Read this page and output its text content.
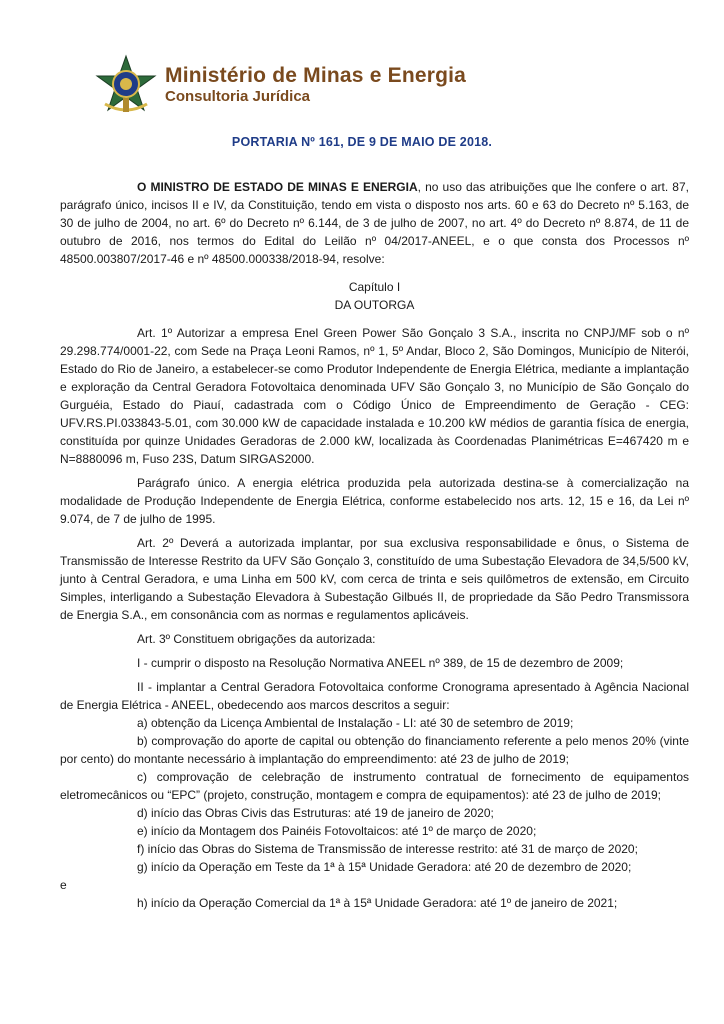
Ministério de Minas e Energia
Consultoria Jurídica
PORTARIA Nº 161, DE 9 DE MAIO DE 2018.

O MINISTRO DE ESTADO DE MINAS E ENERGIA, no uso das atribuições que lhe confere o art. 87, parágrafo único, incisos II e IV, da Constituição, tendo em vista o disposto nos arts. 60 e 63 do Decreto nº 5.163, de 30 de julho de 2004, no art. 6º do Decreto nº 6.144, de 3 de julho de 2007, no art. 4º do Decreto nº 8.874, de 11 de outubro de 2016, nos termos do Edital do Leilão nº 04/2017-ANEEL, e o que consta dos Processos nº 48500.003807/2017-46 e nº 48500.000338/2018-94, resolve:

Capítulo I

DA OUTORGA

Art. 1º Autorizar a empresa Enel Green Power São Gonçalo 3 S.A., inscrita no CNPJ/MF sob o nº 29.298.774/0001-22, com Sede na Praça Leoni Ramos, nº 1, 5º Andar, Bloco 2, São Domingos, Município de Niterói, Estado do Rio de Janeiro, a estabelecer-se como Produtor Independente de Energia Elétrica, mediante a implantação e exploração da Central Geradora Fotovoltaica denominada UFV São Gonçalo 3, no Município de São Gonçalo do Gurguéia, Estado do Piauí, cadastrada com o Código Único de Empreendimento de Geração - CEG: UFV.RS.PI.033843-5.01, com 30.000 kW de capacidade instalada e 10.200 kW médios de garantia física de energia, constituída por quinze Unidades Geradoras de 2.000 kW, localizada às Coordenadas Planimétricas E=467420 m e N=8880096 m, Fuso 23S, Datum SIRGAS2000.

Parágrafo único. A energia elétrica produzida pela autorizada destina-se à comercialização na modalidade de Produção Independente de Energia Elétrica, conforme estabelecido nos arts. 12, 15 e 16, da Lei nº 9.074, de 7 de julho de 1995.

Art. 2º Deverá a autorizada implantar, por sua exclusiva responsabilidade e ônus, o Sistema de Transmissão de Interesse Restrito da UFV São Gonçalo 3, constituído de uma Subestação Elevadora de 34,5/500 kV, junto à Central Geradora, e uma Linha em 500 kV, com cerca de trinta e seis quilômetros de extensão, em Circuito Simples, interligando a Subestação Elevadora à Subestação Gilbués II, de propriedade da São Pedro Transmissora de Energia S.A., em consonância com as normas e regulamentos aplicáveis.

Art. 3º Constituem obrigações da autorizada:

I - cumprir o disposto na Resolução Normativa ANEEL nº 389, de 15 de dezembro de 2009;

II - implantar a Central Geradora Fotovoltaica conforme Cronograma apresentado à Agência Nacional de Energia Elétrica - ANEEL, obedecendo aos marcos descritos a seguir:

a) obtenção da Licença Ambiental de Instalação - LI: até 30 de setembro de 2019;

b) comprovação do aporte de capital ou obtenção do financiamento referente a pelo menos 20% (vinte por cento) do montante necessário à implantação do empreendimento: até 23 de julho de 2019;

c) comprovação de celebração de instrumento contratual de fornecimento de equipamentos eletromecânicos ou “EPC” (projeto, construção, montagem e compra de equipamentos): até 23 de julho de 2019;

d) início das Obras Civis das Estruturas: até 19 de janeiro de 2020;

e) início da Montagem dos Painéis Fotovoltaicos: até 1º de março de 2020;

f) início das Obras do Sistema de Transmissão de interesse restrito: até 31 de março de 2020;

g) início da Operação em Teste da 1ª à 15ª Unidade Geradora: até 20 de dezembro de 2020;

e

h) início da Operação Comercial da 1ª à 15ª Unidade Geradora: até 1º de janeiro de 2021;
